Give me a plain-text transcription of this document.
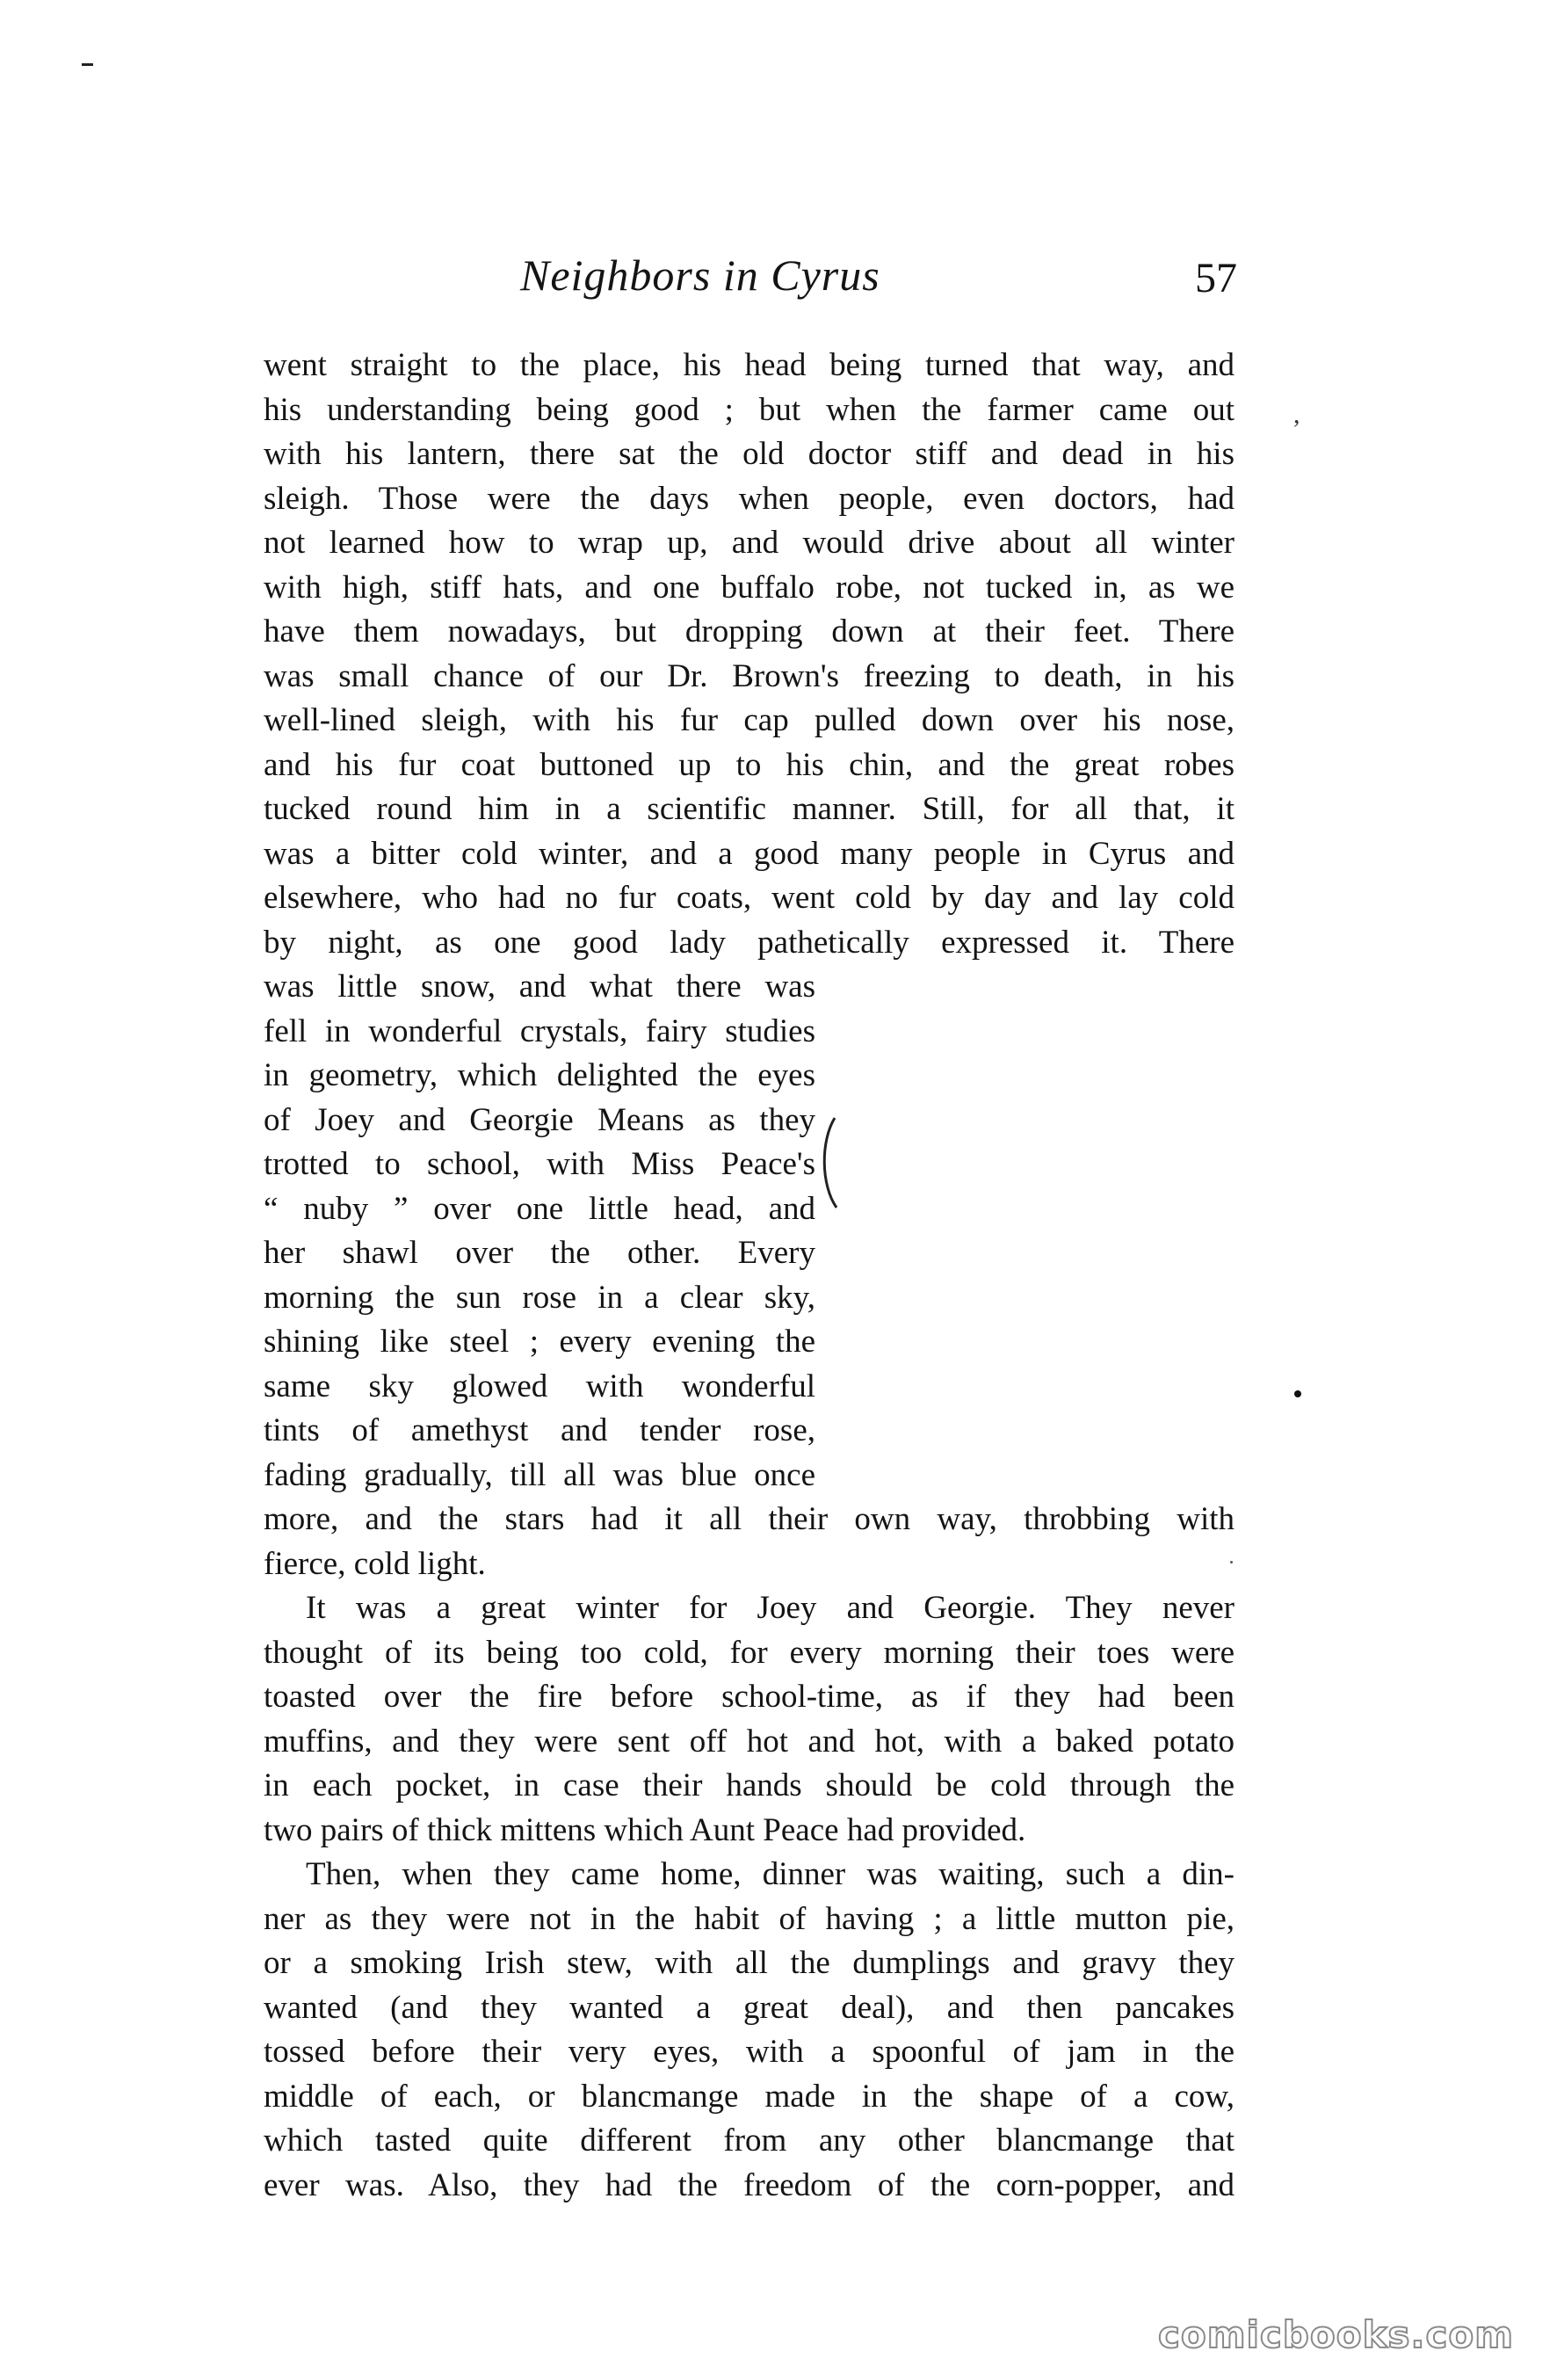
Neighbors in Cyrus	57
,
went straight to the place, his head being turned that way, and
his understanding being good ; but when the farmer came out
with his lantern, there sat the old doctor stiff and dead in his
sleigh. Those were the days when people, even doctors, had
not learned how to wrap up, and would drive about all winter
with high, stiff hats, and one buffalo robe, not tucked in, as we
have them nowadays, but dropping down at their feet. There
was small chance of our Dr. Brown's freezing to death, in his
well-lined sleigh, with his fur cap pulled down over his nose,
and his fur coat buttoned up to his chin, and the great robes
tucked round him in a scientific manner. Still, for all that, it
was a bitter cold winter, and a good many people in Cyrus and
elsewhere, who had no fur coats, went cold by day and lay cold
by night, as one good lady pathetically expressed it. There
was little snow, and what there was
fell in wonderful crystals, fairy studies
in geometry, which delighted the eyes
of Joey and Georgie Means as they
trotted to school, with Miss Peace's
“ nuby ” over one little head, and
her shawl over the other. Every
morning the sun rose in a clear sky,
shining like steel ; every evening the
same sky glowed with wonderful
tints of amethyst and tender rose,
fading gradually, till all was blue once
more, and the stars had it all their own way, throbbing with
fierce, cold light.
It was a great winter for Joey and Georgie. They never
thought of its being too cold, for every morning their toes were
toasted over the fire before school-time, as if they had been
muffins, and they were sent off hot and hot, with a baked potato
in each pocket, in case their hands should be cold through the
two pairs of thick mittens which Aunt Peace had provided.
Then, when they came home, dinner was waiting, such a din-
ner as they were not in the habit of having ; a little mutton pie,
or a smoking Irish stew, with all the dumplings and gravy they
wanted (and they wanted a great deal), and then pancakes
tossed before their very eyes, with a spoonful of jam in the
middle of each, or blancmange made in the shape of a cow,
which tasted quite different from any other blancmange that
ever was. Also, they had the freedom of the corn-popper, and
comicbooks.com
